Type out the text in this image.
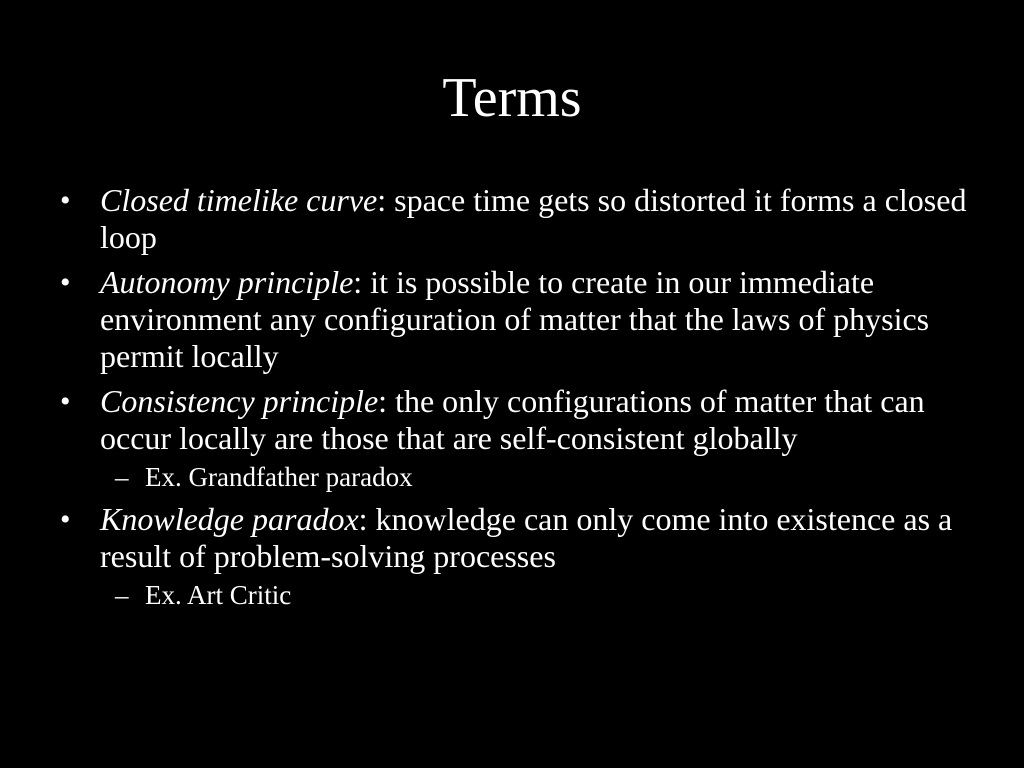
Terms
• Closed timelike curve: space time gets so distorted it forms a closed loop
• Autonomy principle: it is possible to create in our immediate environment any configuration of matter that the laws of physics permit locally
• Consistency principle: the only configurations of matter that can occur locally are those that are self-consistent globally
– Ex. Grandfather paradox
• Knowledge paradox: knowledge can only come into existence as a result of problem-solving processes
– Ex. Art Critic
